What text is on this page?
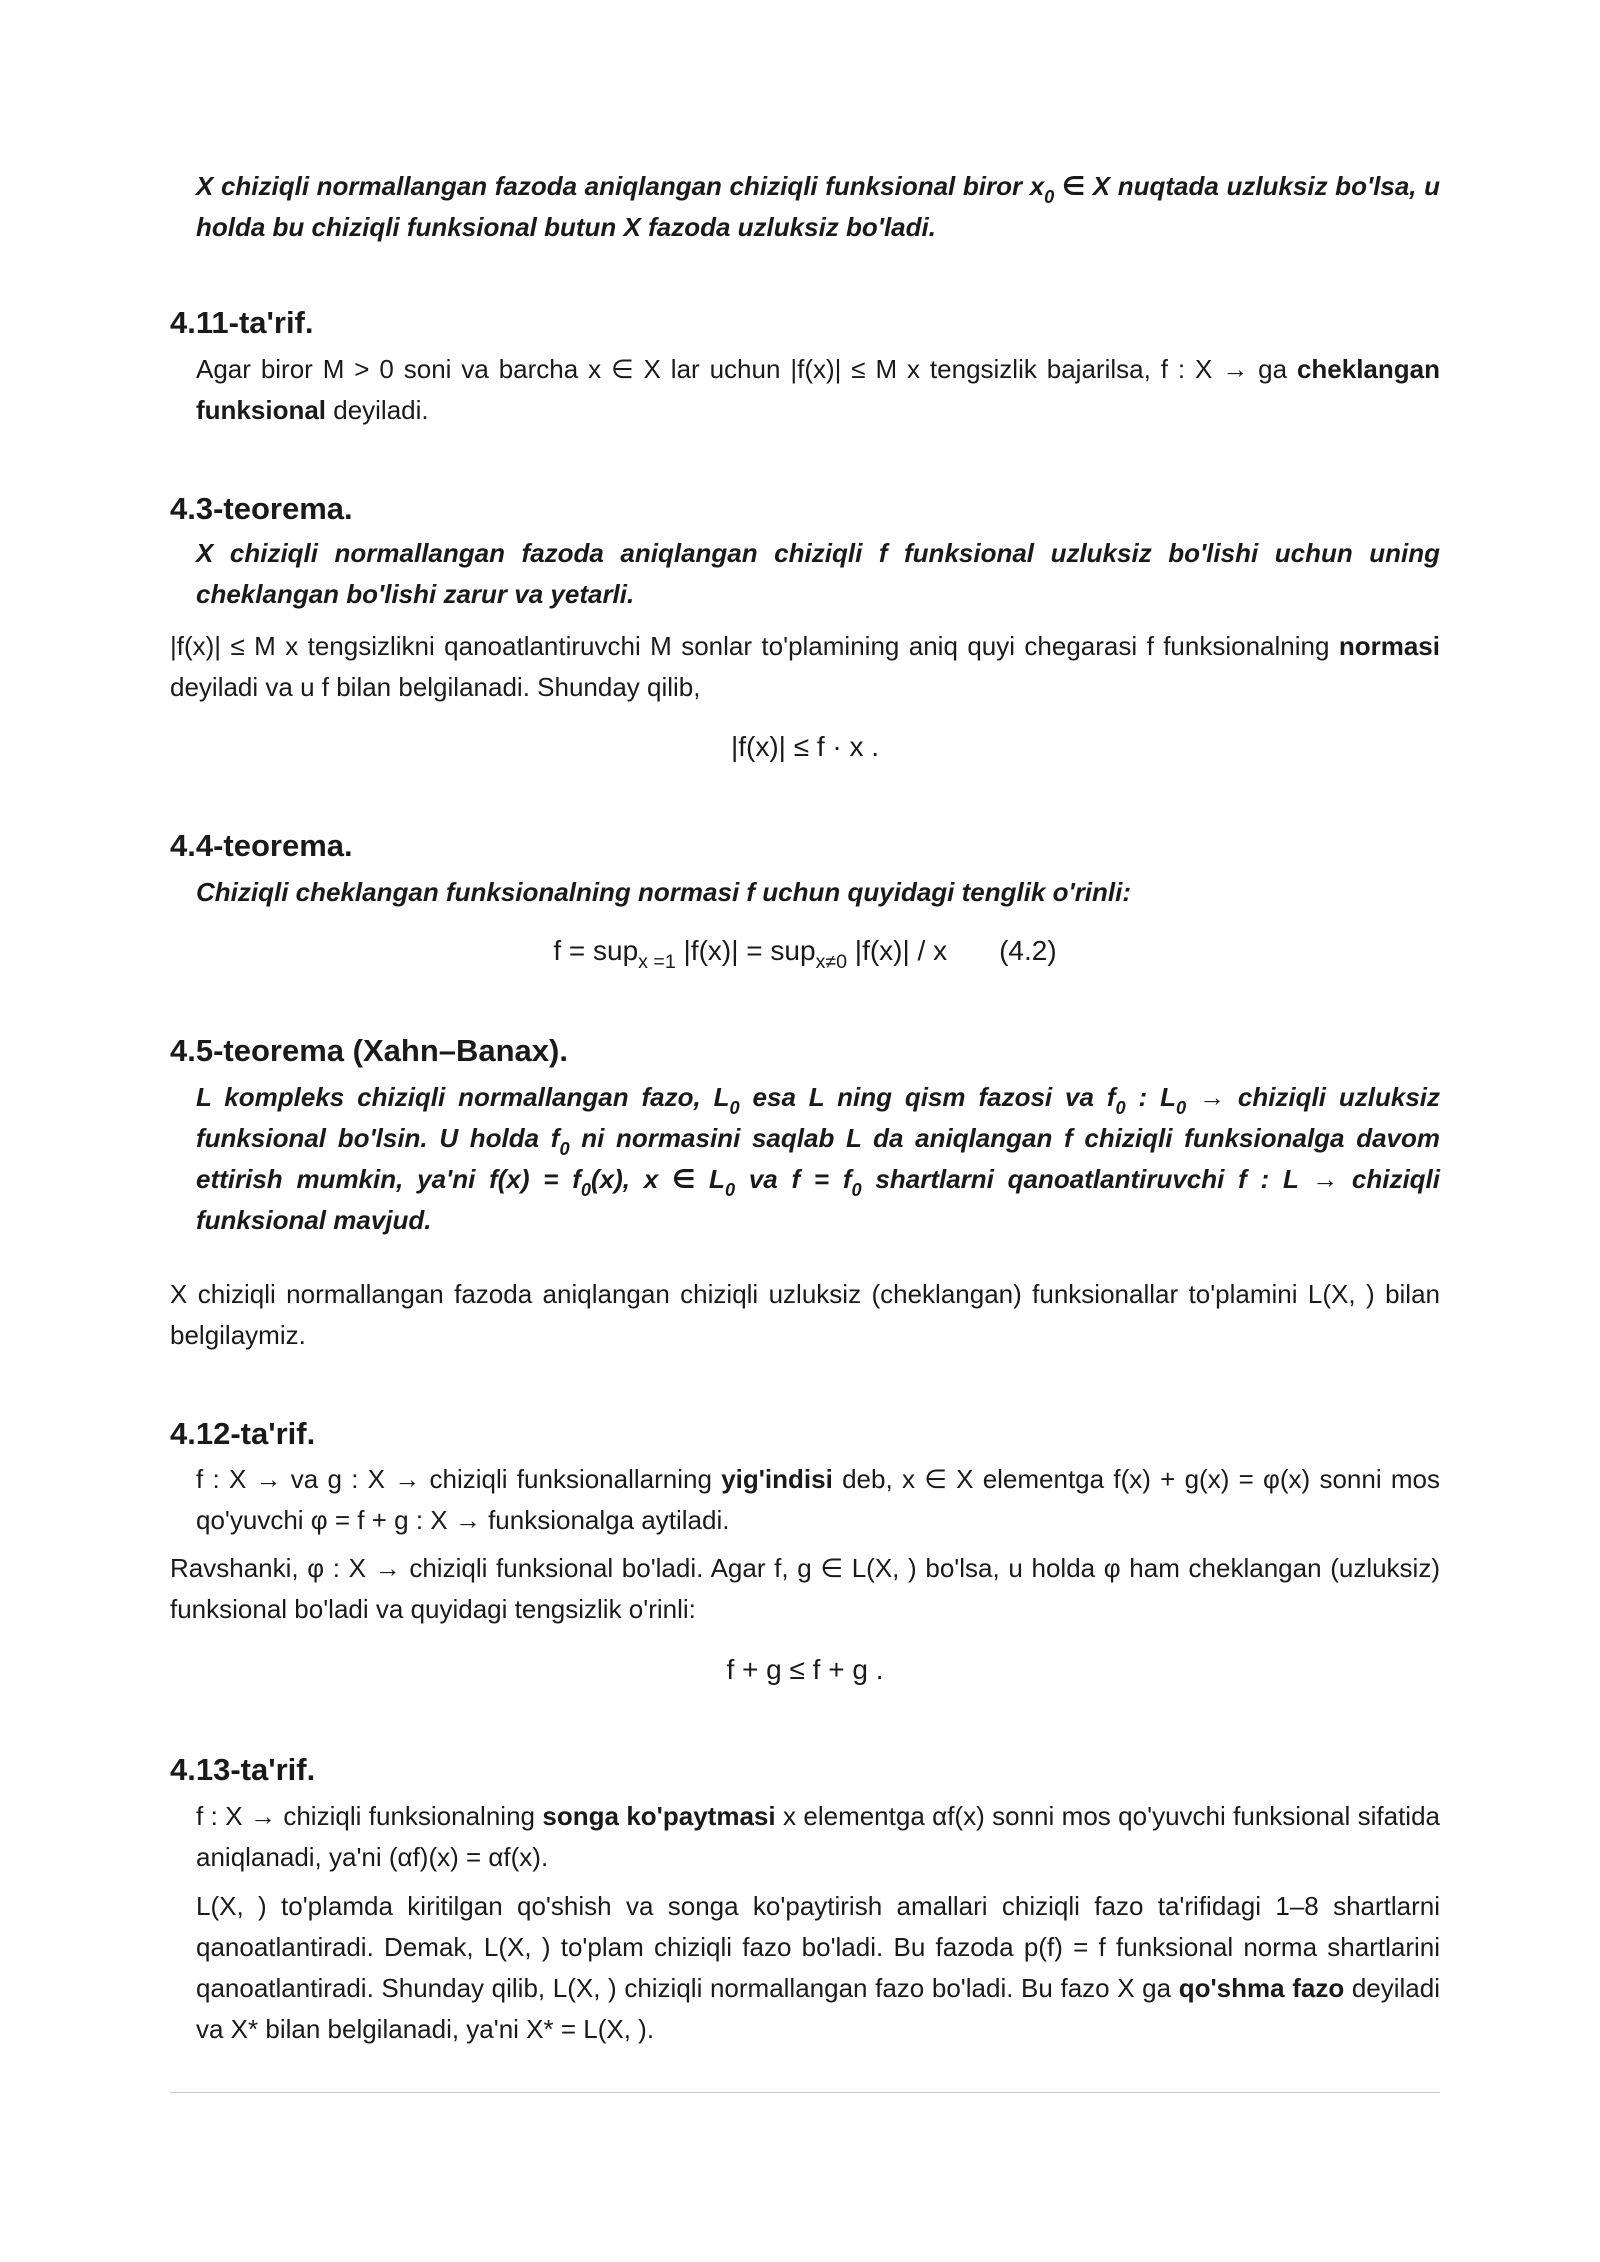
X chiziqli normallangan fazoda aniqlangan chiziqli funksional biror $x_0$ ∈ X nuqtada uzluksiz bo'lsa, u holda bu chiziqli funksional butun X fazoda uzluksiz bo'ladi.
4.11-ta'rif.
Agar biror M > 0 soni va barcha x ∈ X lar uchun |f(x)| ≤ M x tengsizlik bajarilsa, f : X → ga cheklangan funksional deyiladi.
4.3-teorema.
X chiziqli normallangan fazoda aniqlangan chiziqli f funksional uzluksiz bo'lishi uchun uning cheklangan bo'lishi zarur va yetarli.
|f(x)| ≤ M x tengsizlikni qanoatlantiruvchi M sonlar to'plamining aniq quyi chegarasi f funksionalning normasi deyiladi va u f bilan belgilanadi. Shunday qilib,
|f(x)| ≤ f · x .
4.4-teorema.
Chiziqli cheklangan funksionalning normasi f uchun quyidagi tenglik o'rinli:
f = sup$_{x =1}$ |f(x)| = sup$_{x\ne 0}$ |f(x)| / x (4.2)
4.5-teorema (Xahn–Banax).
L kompleks chiziqli normallangan fazo, $L_0$ esa L ning qism fazosi va $f_0$ : $L_0$ → chiziqli uzluksiz funksional bo'lsin. U holda $f_0$ ni normasini saqlab L da aniqlangan f chiziqli funksionalga davom ettirish mumkin, ya'ni $f(x) = f_0(x)$, x ∈ $L_0$ va $f = f_0$ shartlarni qanoatlantiruvchi f : L → chiziqli funksional mavjud.
X chiziqli normallangan fazoda aniqlangan chiziqli uzluksiz (cheklangan) funksionallar to'plamini L(X, ) bilan belgilaymiz.
4.12-ta'rif.
f : X → va g : X → chiziqli funksionallarning yig'indisi deb, x ∈ X elementga f(x) + g(x) = φ(x) sonni mos qo'yuvchi φ = f + g : X → funksionalga aytiladi.
Ravshanki, φ : X → chiziqli funksional bo'ladi. Agar f, g ∈ L(X, ) bo'lsa, u holda φ ham cheklangan (uzluksiz) funksional bo'ladi va quyidagi tengsizlik o'rinli:
f + g ≤ f + g .
4.13-ta'rif.
f : X → chiziqli funksionalning songa ko'paytmasi x elementga αf(x) sonni mos qo'yuvchi funksional sifatida aniqlanadi, ya'ni (αf)(x) = αf(x).
L(X, ) to'plamda kiritilgan qo'shish va songa ko'paytirish amallari chiziqli fazo ta'rifidagi 1–8 shartlarni qanoatlantiradi. Demak, L(X, ) to'plam chiziqli fazo bo'ladi. Bu fazoda p(f) = f funksional norma shartlarini qanoatlantiradi. Shunday qilib, L(X, ) chiziqli normallangan fazo bo'ladi. Bu fazo X ga qo'shma fazo deyiladi va X* bilan belgilanadi, ya'ni X* = L(X, ).
